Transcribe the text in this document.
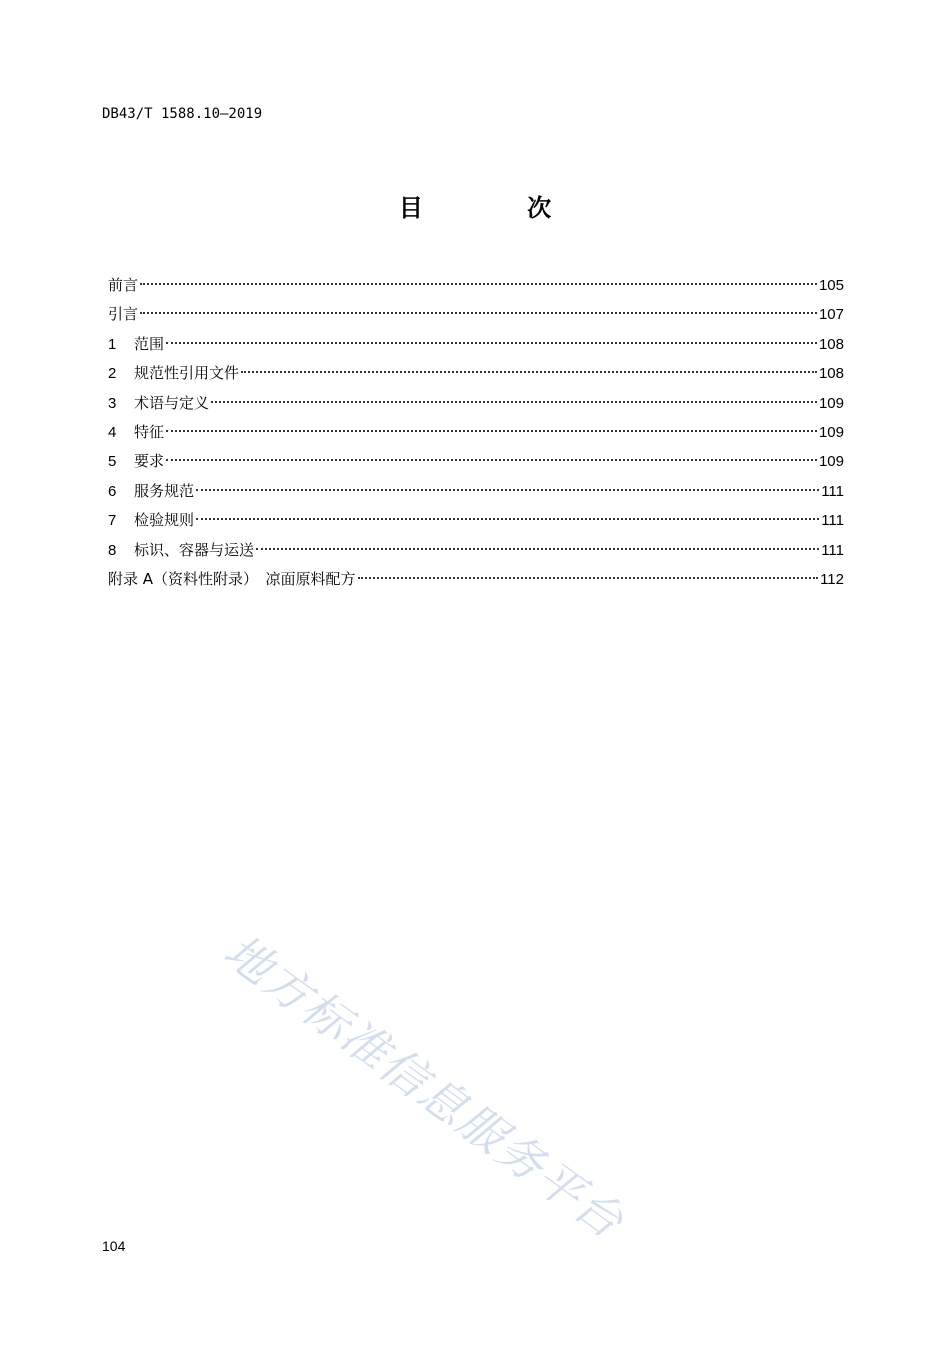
DB43/T 1588.10—2019
目 次
前言	105
引言	107
1	范围	108
2	规范性引用文件	108
3	术语与定义	109
4	特征	109
5	要求	109
6	服务规范	111
7	检验规则	111
8	标识、容器与运送	111
附录 A（资料性附录）　凉面原料配方	112
地方标准信息服务平台
104
